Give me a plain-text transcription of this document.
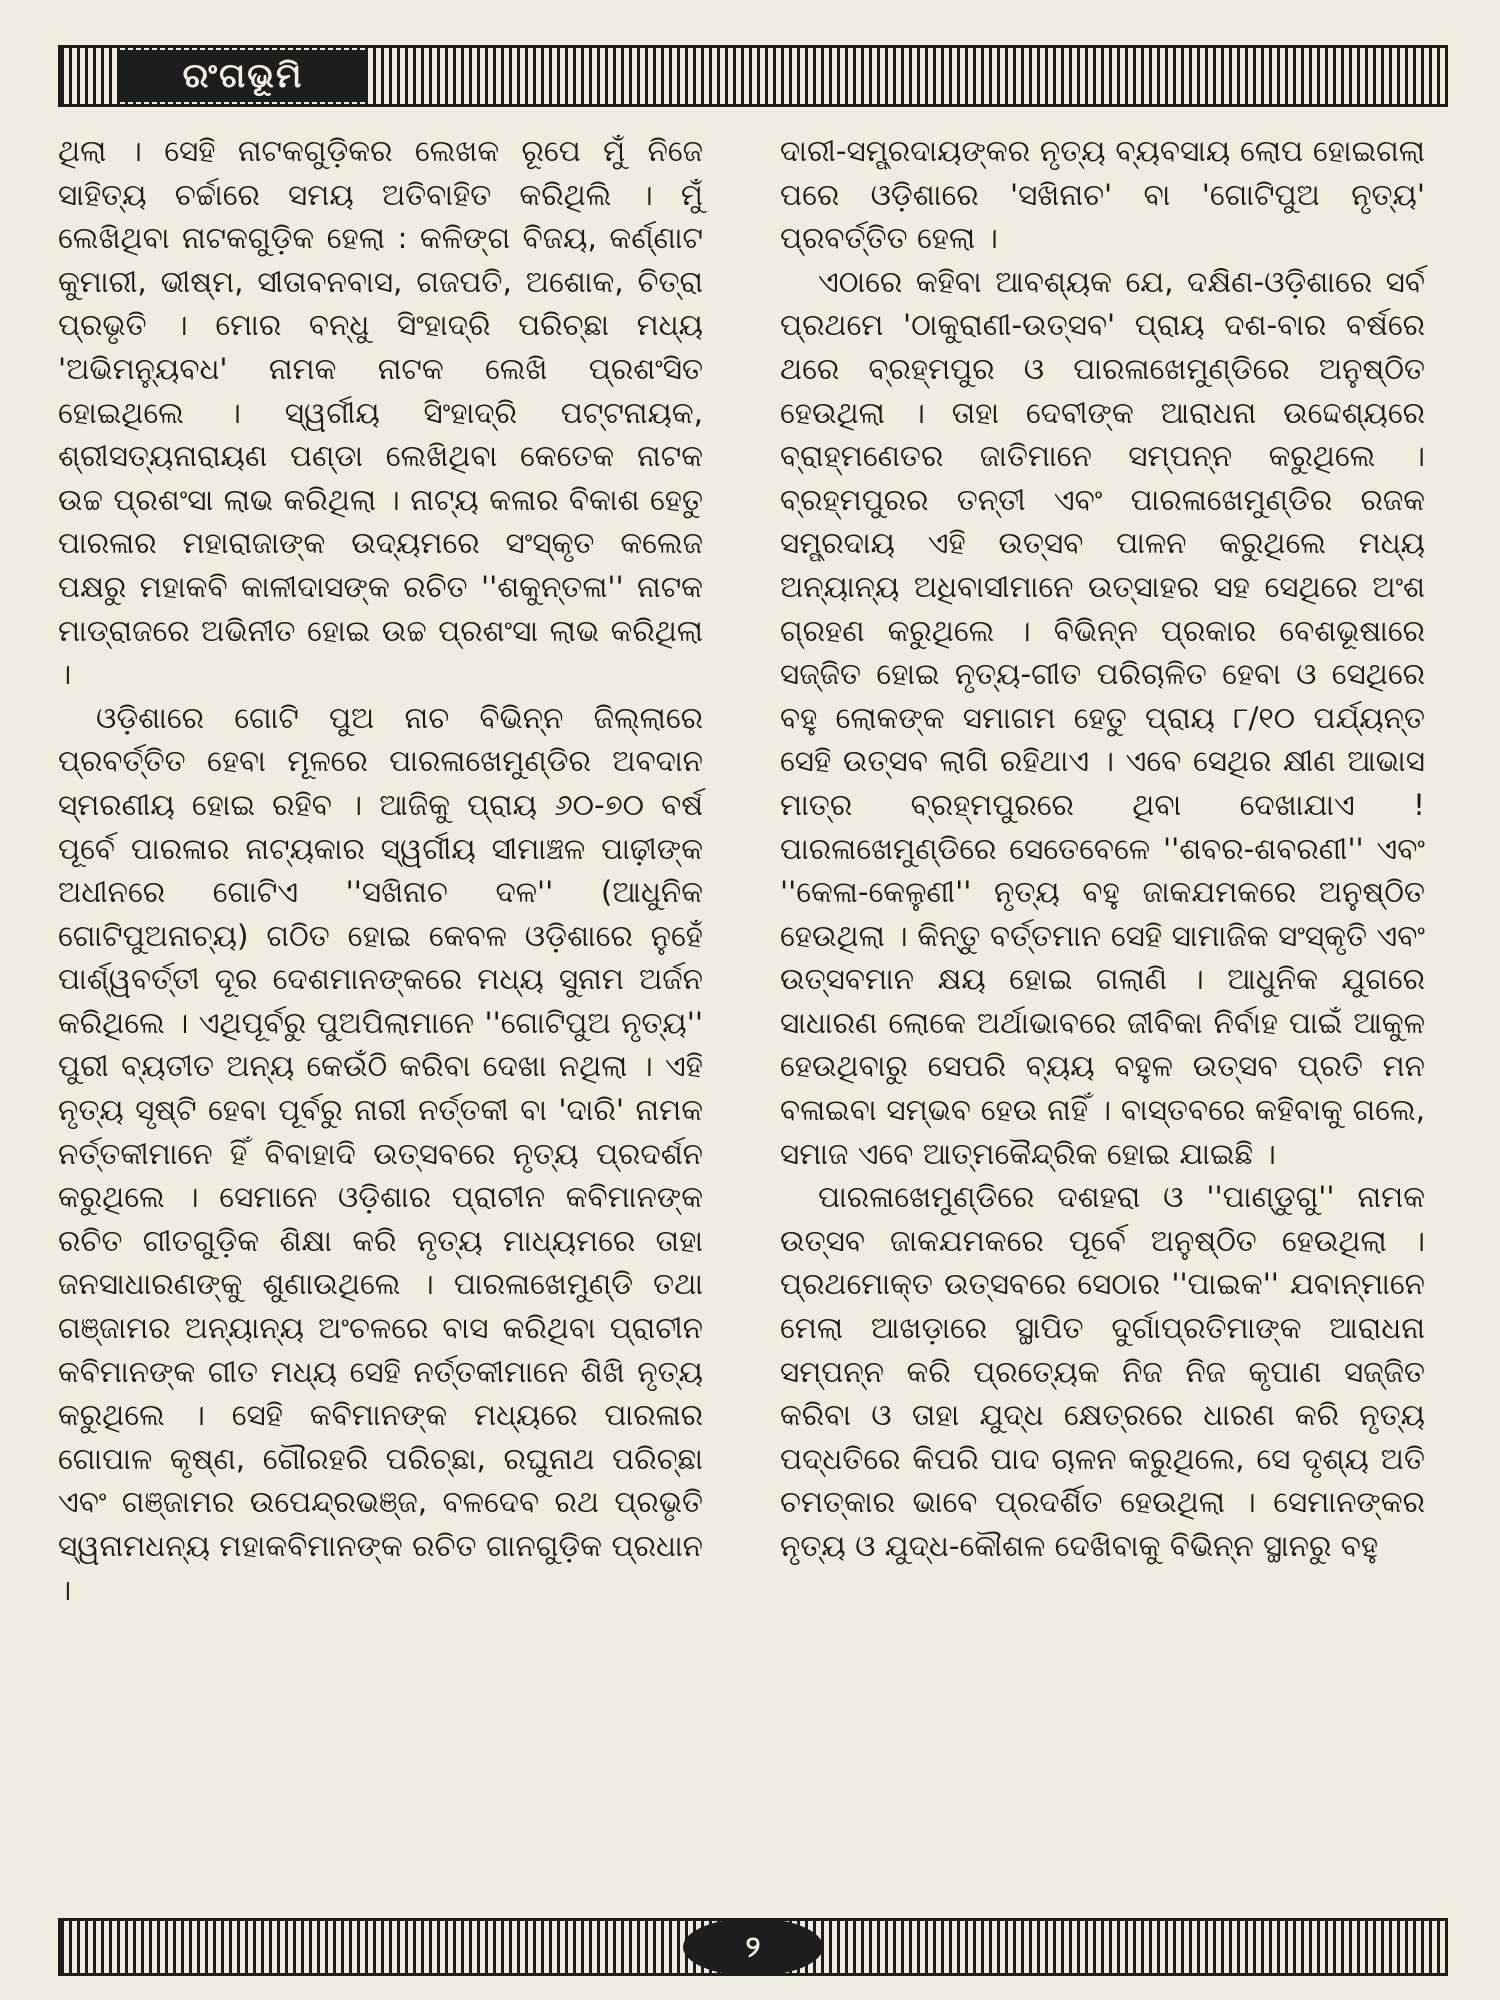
ରଂଗଭୂମି

ଥିଲା । ସେହି ନାଟକଗୁଡ଼ିକର ଲେଖକ ରୂପେ ମୁଁ ନିଜେ ସାହିତ୍ୟ ଚର୍ଚ୍ଚାରେ ସମୟ ଅତିବାହିତ କରିଥିଲି । ମୁଁ ଲେଖିଥିବା ନାଟକଗୁଡ଼ିକ ହେଲା : କଳିଙ୍ଗ ବିଜୟ, କର୍ଣ୍ଣାଟ କୁମାରୀ, ଭୀଷ୍ମ, ସୀତାବନବାସ, ଗଜପତି, ଅଶୋକ, ଚିତ୍ରା ପ୍ରଭୃତି । ମୋର ବନ୍ଧୁ ସିଂହାଦ୍ରି ପରିଚ୍ଛା ମଧ୍ୟ 'ଅଭିମନ୍ୟୁବଧ' ନାମକ ନାଟକ ଲେଖି ପ୍ରଶଂସିତ ହୋଇଥିଲେ । ସ୍ୱର୍ଗୀୟ ସିଂହାଦ୍ରି ପଟ୍ଟନାୟକ, ଶ୍ରୀସତ୍ୟନାରାୟଣ ପଣ୍ଡା ଲେଖିଥିବା କେତେକ ନାଟକ ଉଚ୍ଚ ପ୍ରଶଂସା ଲାଭ କରିଥିଲା । ନାଟ୍ୟ କଳାର ବିକାଶ ହେତୁ ପାରଳାର ମହାରାଜାଙ୍କ ଉଦ୍ୟମରେ ସଂସ୍କୃତ କଲେଜ ପକ୍ଷରୁ ମହାକବି କାଳୀଦାସଙ୍କ ରଚିତ ''ଶକୁନ୍ତଳା'' ନାଟକ ମାଡ୍ରାଜରେ ଅଭିନୀତ ହୋଇ ଉଚ୍ଚ ପ୍ରଶଂସା ଲାଭ କରିଥିଲା ।

ଓଡ଼ିଶାରେ ଗୋଟି ପୁଅ ନାଚ ବିଭିନ୍ନ ଜିଲ୍ଲାରେ ପ୍ରବର୍ତ୍ତିତ ହେବା ମୂଳରେ ପାରଳାଖେମୁଣ୍ଡିର ଅବଦାନ ସ୍ମରଣୀୟ ହୋଇ ରହିବ । ଆଜିକୁ ପ୍ରାୟ ୬୦-୭୦ ବର୍ଷ ପୂର୍ବେ ପାରଳାର ନାଟ୍ୟକାର ସ୍ୱର୍ଗୀୟ ସୀମାଞ୍ଚଳ ପାଢ଼ୀଙ୍କ ଅଧୀନରେ ଗୋଟିଏ ''ସଖିନାଚ ଦଳ'' (ଆଧୁନିକ ଗୋଟିପୁଅନାଚ୍ୟ) ଗଠିତ ହୋଇ କେବଳ ଓଡ଼ିଶାରେ ନୁହେଁ ପାର୍ଶ୍ୱବର୍ତ୍ତୀ ଦୂର ଦେଶମାନଙ୍କରେ ମଧ୍ୟ ସୁନାମ ଅର୍ଜନ କରିଥିଲେ । ଏଥିପୂର୍ବରୁ ପୁଅପିଲାମାନେ ''ଗୋଟିପୁଅ ନୃତ୍ୟ'' ପୁରୀ ବ୍ୟତୀତ ଅନ୍ୟ କେଉଁଠି କରିବା ଦେଖା ନଥିଲା । ଏହି ନୃତ୍ୟ ସୃଷ୍ଟି ହେବା ପୂର୍ବରୁ ନାରୀ ନର୍ତ୍ତକୀ ବା 'ଦାରି' ନାମକ ନର୍ତ୍ତକୀମାନେ ହିଁ ବିବାହାଦି ଉତ୍ସବରେ ନୃତ୍ୟ ପ୍ରଦର୍ଶନ କରୁଥିଲେ । ସେମାନେ ଓଡ଼ିଶାର ପ୍ରାଚୀନ କବିମାନଙ୍କ ରଚିତ ଗୀତଗୁଡ଼ିକ ଶିକ୍ଷା କରି ନୃତ୍ୟ ମାଧ୍ୟମରେ ତାହା ଜନସାଧାରଣଙ୍କୁ ଶୁଣାଉଥିଲେ । ପାରଳାଖେମୁଣ୍ଡି ତଥା ଗଞ୍ଜାମର ଅନ୍ୟାନ୍ୟ ଅଂଚଳରେ ବାସ କରିଥିବା ପ୍ରାଚୀନ କବିମାନଙ୍କ ଗୀତ ମଧ୍ୟ ସେହି ନର୍ତ୍ତକୀମାନେ ଶିଖି ନୃତ୍ୟ କରୁଥିଲେ । ସେହି କବିମାନଙ୍କ ମଧ୍ୟରେ ପାରଳାର ଗୋପାଳ କୃଷ୍ଣ, ଗୌରହରି ପରିଚ୍ଛା, ରଘୁନାଥ ପରିଚ୍ଛା ଏବଂ ଗଞ୍ଜାମର ଉପେନ୍ଦ୍ରଭଞ୍ଜ, ବଳଦେବ ରଥ ପ୍ରଭୃତି ସ୍ୱନାମଧନ୍ୟ ମହାକବିମାନଙ୍କ ରଚିତ ଗାନଗୁଡ଼ିକ ପ୍ରଧାନ ।

ଦାରୀ-ସମ୍ପ୍ରଦାୟଙ୍କର ନୃତ୍ୟ ବ୍ୟବସାୟ ଲୋପ ହୋଇଗଲା ପରେ ଓଡ଼ିଶାରେ 'ସଖିନାଚ' ବା 'ଗୋଟିପୁଅ ନୃତ୍ୟ' ପ୍ରବର୍ତ୍ତିତ ହେଲା ।

ଏଠାରେ କହିବା ଆବଶ୍ୟକ ଯେ, ଦକ୍ଷିଣ-ଓଡ଼ିଶାରେ ସର୍ବ ପ୍ରଥମେ 'ଠାକୁରାଣୀ-ଉତ୍ସବ' ପ୍ରାୟ ଦଶ-ବାର ବର୍ଷରେ ଥରେ ବ୍ରହ୍ମପୁର ଓ ପାରଳାଖେମୁଣ୍ଡିରେ ଅନୁଷ୍ଠିତ ହେଉଥିଲା । ତାହା ଦେବୀଙ୍କ ଆରାଧନା ଉଦ୍ଦେଶ୍ୟରେ ବ୍ରାହ୍ମଣେତର ଜାତିମାନେ ସମ୍ପନ୍ନ କରୁଥିଲେ । ବ୍ରହ୍ମପୁରର ତନ୍ତୀ ଏବଂ ପାରଳାଖେମୁଣ୍ଡିର ରଜକ ସମ୍ପ୍ରଦାୟ ଏହି ଉତ୍ସବ ପାଳନ କରୁଥିଲେ ମଧ୍ୟ ଅନ୍ୟାନ୍ୟ ଅଧିବାସୀମାନେ ଉତ୍ସାହର ସହ ସେଥିରେ ଅଂଶ ଗ୍ରହଣ କରୁଥିଲେ । ବିଭିନ୍ନ ପ୍ରକାର ବେଶଭୂଷାରେ ସଜ୍ଜିତ ହୋଇ ନୃତ୍ୟ-ଗୀତ ପରିଚାଳିତ ହେବା ଓ ସେଥିରେ ବହୁ ଲୋକଙ୍କ ସମାଗମ ହେତୁ ପ୍ରାୟ ୮/୧୦ ପର୍ଯ୍ୟନ୍ତ ସେହି ଉତ୍ସବ ଲାଗି ରହିଥାଏ । ଏବେ ସେଥିର କ୍ଷୀଣ ଆଭାସ ମାତ୍ର ବ୍ରହ୍ମପୁରରେ ଥିବା ଦେଖାଯାଏ ! ପାରଳାଖେମୁଣ୍ଡିରେ ସେତେବେଳେ ''ଶବର-ଶବରଣୀ'' ଏବଂ ''କେଳା-କେଳୁଣୀ'' ନୃତ୍ୟ ବହୁ ଜାକଯମକରେ ଅନୁଷ୍ଠିତ ହେଉଥିଲା । କିନ୍ତୁ ବର୍ତ୍ତମାନ ସେହି ସାମାଜିକ ସଂସ୍କୃତି ଏବଂ ଉତ୍ସବମାନ କ୍ଷୟ ହୋଇ ଗଲାଣି । ଆଧୁନିକ ଯୁଗରେ ସାଧାରଣ ଲୋକେ ଅର୍ଥାଭାବରେ ଜୀବିକା ନିର୍ବାହ ପାଇଁ ଆକୁଳ ହେଉଥିବାରୁ ସେପରି ବ୍ୟୟ ବହୁଳ ଉତ୍ସବ ପ୍ରତି ମନ ବଳାଇବା ସମ୍ଭବ ହେଉ ନାହିଁ । ବାସ୍ତବରେ କହିବାକୁ ଗଲେ, ସମାଜ ଏବେ ଆତ୍ମକୈନ୍ଦ୍ରିକ ହୋଇ ଯାଇଛି ।

ପାରଳାଖେମୁଣ୍ଡିରେ ଦଶହରା ଓ ''ପାଣ୍ଡୁଗୁ'' ନାମକ ଉତ୍ସବ ଜାକଯମକରେ ପୂର୍ବେ ଅନୁଷ୍ଠିତ ହେଉଥିଲା । ପ୍ରଥମୋକ୍ତ ଉତ୍ସବରେ ସେଠାର ''ପାଇକ'' ଯବାନ୍‌ମାନେ ମେଲା ଆଖଡ଼ାରେ ସ୍ଥାପିତ ଦୁର୍ଗାପ୍ରତିମାଙ୍କ ଆରାଧନା ସମ୍ପନ୍ନ କରି ପ୍ରତ୍ୟେକ ନିଜ ନିଜ କୃପାଣ ସଜ୍ଜିତ କରିବା ଓ ତାହା ଯୁଦ୍ଧ କ୍ଷେତ୍ରରେ ଧାରଣ କରି ନୃତ୍ୟ ପଦ୍ଧତିରେ କିପରି ପାଦ ଚାଳନ କରୁଥିଲେ, ସେ ଦୃଶ୍ୟ ଅତି ଚମତ୍କାର ଭାବେ ପ୍ରଦର୍ଶିତ ହେଉଥିଲା । ସେମାନଙ୍କର ନୃତ୍ୟ ଓ ଯୁଦ୍ଧ-କୌଶଳ ଦେଖିବାକୁ ବିଭିନ୍ନ ସ୍ଥାନରୁ ବହୁ

୨
